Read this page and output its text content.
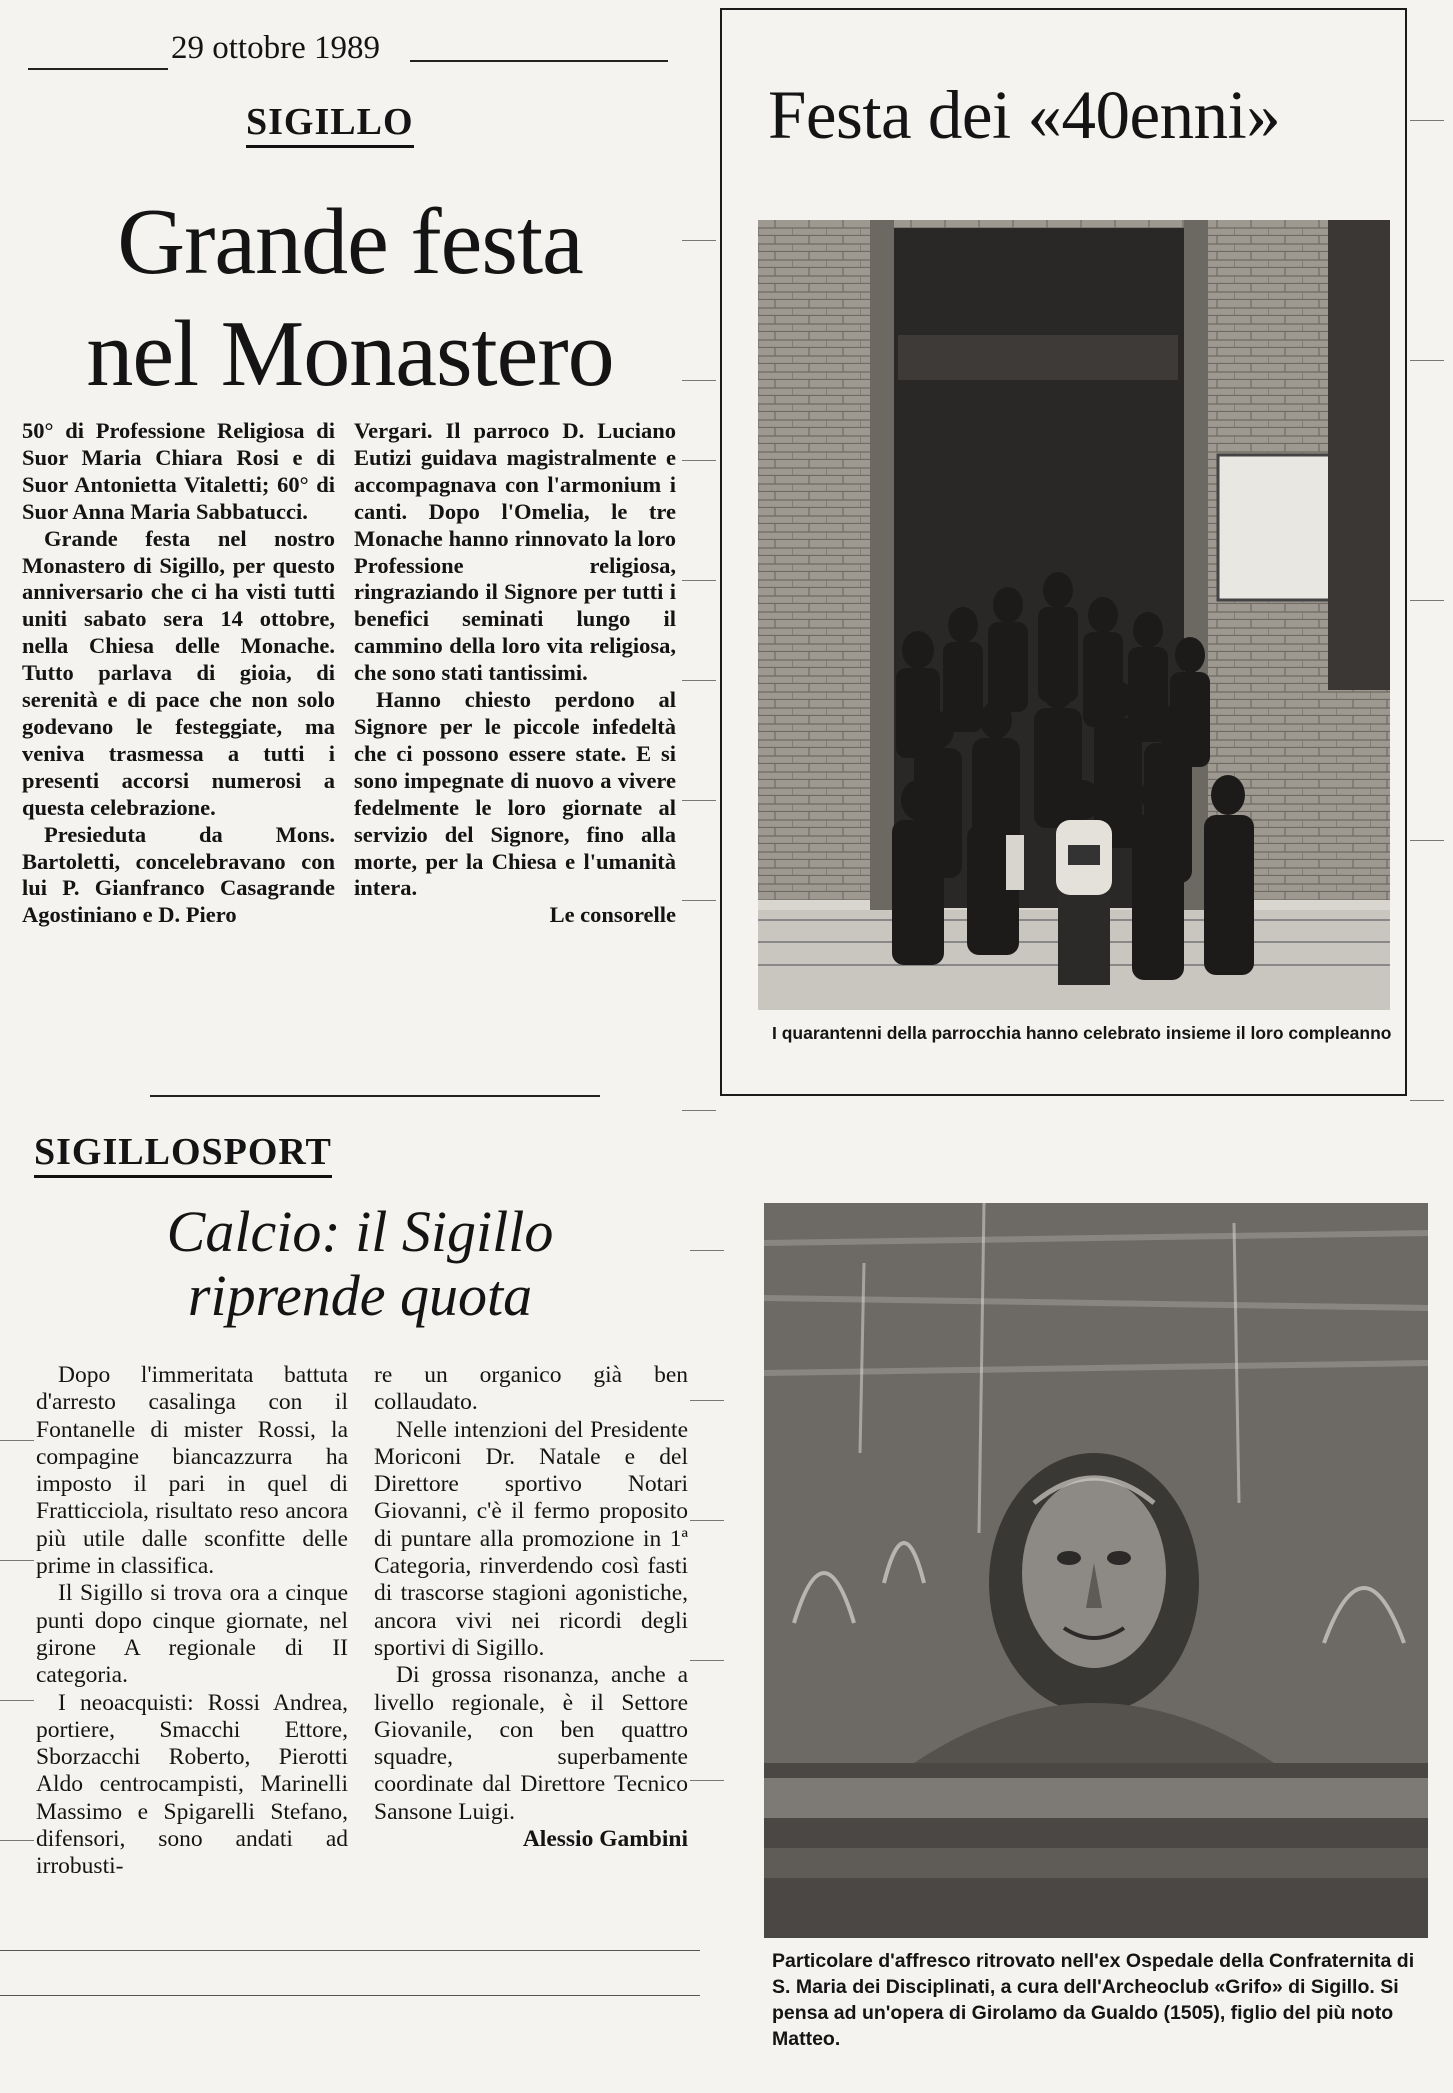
29 ottobre 1989
SIGILLO
Grande festa
nel Monastero

50° di Professione Religiosa di Suor Maria Chiara Rosi e di Suor Antonietta Vitaletti; 60° di Suor Anna Maria Sabbatucci.

Grande festa nel nostro Monastero di Sigillo, per questo anniversario che ci ha visti tutti uniti sabato sera 14 ottobre, nella Chiesa delle Monache. Tutto parlava di gioia, di serenità e di pace che non solo godevano le festeggiate, ma veniva trasmessa a tutti i presenti accorsi numerosi a questa celebrazione.

Presieduta da Mons. Bartoletti, concelebravano con lui P. Gianfranco Casagrande Agostiniano e D. Piero

Vergari. Il parroco D. Luciano Eutizi guidava magistralmente e accompagnava con l'armonium i canti. Dopo l'Omelia, le tre Monache hanno rinnovato la loro Professione religiosa, ringraziando il Signore per tutti i benefici seminati lungo il cammino della loro vita religiosa, che sono stati tantissimi.

Hanno chiesto perdono al Signore per le piccole infedeltà che ci possono essere state. E si sono impegnate di nuovo a vivere fedelmente le loro giornate al servizio del Signore, fino alla morte, per la Chiesa e l'umanità intera.

Le consorelle
Festa dei «40enni»
I quarantenni della parrocchia hanno celebrato insieme il loro compleanno
SIGILLOSPORT
Calcio: il Sigillo
riprende quota

Dopo l'immeritata battuta d'arresto casalinga con il Fontanelle di mister Rossi, la compagine biancazzurra ha imposto il pari in quel di Fratticciola, risultato reso ancora più utile dalle sconfitte delle prime in classifica.

Il Sigillo si trova ora a cinque punti dopo cinque giornate, nel girone A regionale di II categoria.

I neoacquisti: Rossi Andrea, portiere, Smacchi Ettore, Sborzacchi Roberto, Pierotti Aldo centrocampisti, Marinelli Massimo e Spigarelli Stefano, difensori, sono andati ad irrobusti-

re un organico già ben collaudato.

Nelle intenzioni del Presidente Moriconi Dr. Natale e del Direttore sportivo Notari Giovanni, c'è il fermo proposito di puntare alla promozione in 1ª Categoria, rinverdendo così fasti di trascorse stagioni agonistiche, ancora vivi nei ricordi degli sportivi di Sigillo.

Di grossa risonanza, anche a livello regionale, è il Settore Giovanile, con ben quattro squadre, superbamente coordinate dal Direttore Tecnico Sansone Luigi.

Alessio Gambini
Particolare d'affresco ritrovato nell'ex Ospedale della Confraternita di S. Maria dei Disciplinati, a cura dell'Archeoclub «Grifo» di Sigillo. Si pensa ad un'opera di Girolamo da Gualdo (1505), figlio del più noto Matteo.
